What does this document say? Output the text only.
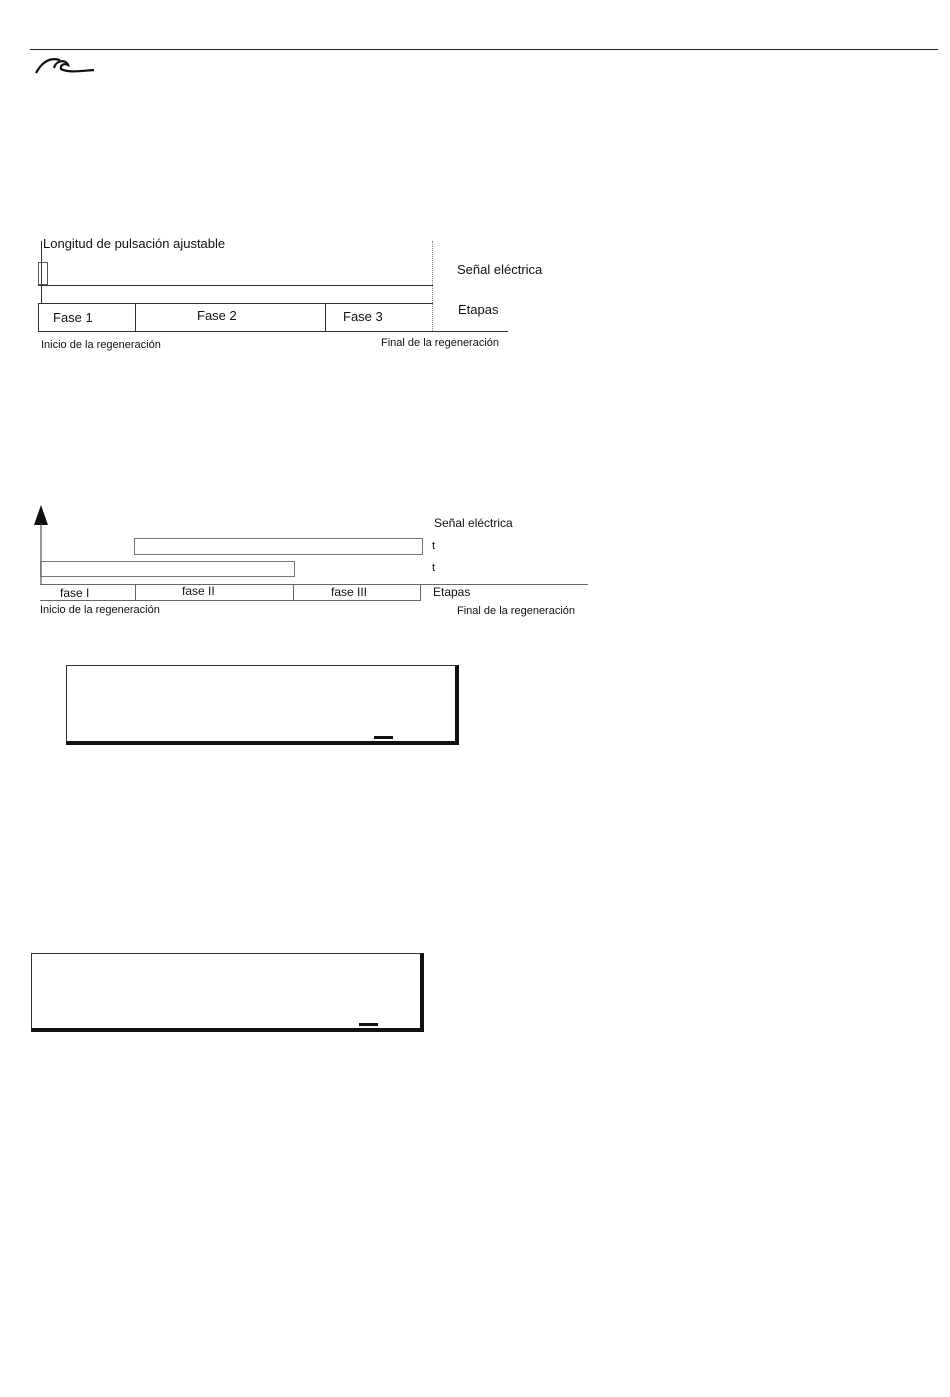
Longitud de pulsación ajustable
Señal eléctrica
Etapas
Fase 1	Fase 2	Fase 3
Inicio de la regeneración	Final de la regeneración
Señal eléctrica
t
t
fase I	fase II	fase III	Etapas
Inicio de la regeneración	Final de la regeneración
